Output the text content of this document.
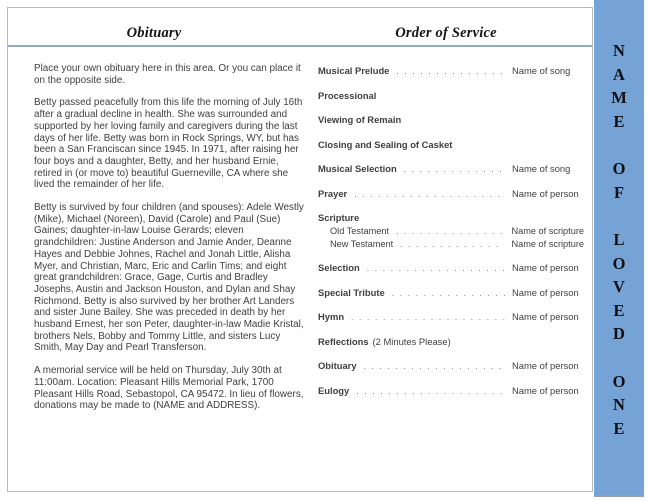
Obituary	Order of Service
Place your own obituary here in this area. Or you can place it on the opposite side.
Betty passed peacefully from this life the morning of July 16th after a gradual decline in health. She was surrounded and supported by her loving family and caregivers during the last days of her life. Betty was born in Rock Springs, WY, but has been a San Franciscan since 1945. In 1971, after raising her four boys and a daughter, Betty, and her husband Ernie, retired in (or move to) beautiful Guerneville, CA where she lived the remainder of her life.
Betty is survived by four children (and spouses): Adele Westly (Mike), Michael (Noreen), David (Carole) and Paul (Sue) Gaines; daughter-in-law Louise Gerards; eleven grandchildren: Justine Anderson and Jamie Ander, Deanne Hayes and Debbie Johnes, Rachel and Jonah Little, Alisha Myer, and Christian, Marc, Eric and Carlin Tims; and eight great grandchildren: Grace, Gage, Curtis and Bradley Josephs, Austin and Jackson Houston, and Dylan and Shay Richmond. Betty is also survived by her brother Art Landers and sister June Bailey. She was preceded in death by her husband Ernest, her son Peter, daughter-in-law Madie Kristal, brothers Nels, Bobby and Tommy Little, and sisters Lucy Smith, May Day and Pearl Transferson.
A memorial service will be held on Thursday, July 30th at 11:00am. Location: Pleasant Hills Memorial Park, 1700 Pleasant Hills Road, Sebastopol, CA 95472. In lieu of flowers, donations may be made to (NAME and ADDRESS).
Musical Prelude . . .	Name of song
Processional
Viewing of Remain
Closing and Sealing of Casket
Musical Selection . . .	Name of song
Prayer . . .	Name of person
Scripture
Old Testament . . .	Name of scripture
New Testament . . .	Name of scripture
Selection . . .	Name of person
Special Tribute . . .	Name of person
Hymn . . .	Name of person
Reflections (2 Minutes Please)
Obituary . . .	Name of person
Eulogy . . .	Name of person
N
A
M
E
O
F
L
O
V
E
D
O
N
E
